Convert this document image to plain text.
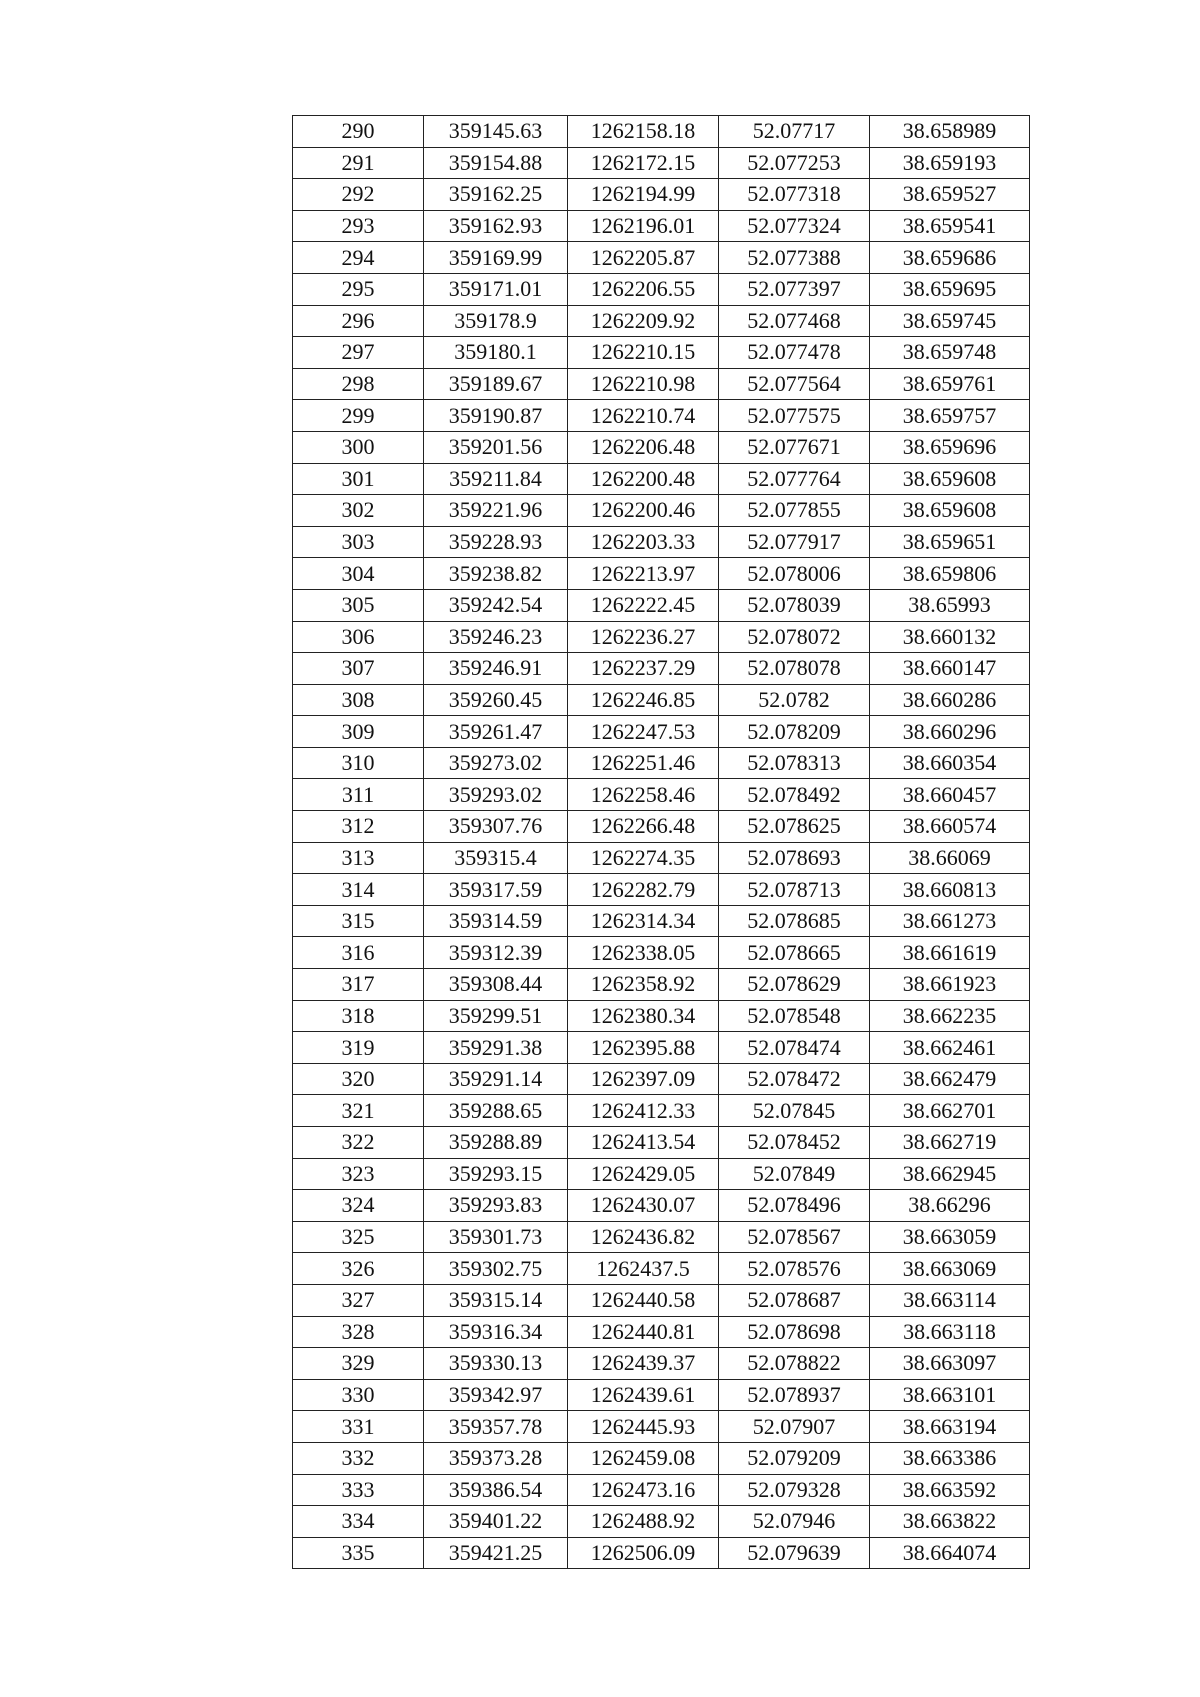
290	359145.63	1262158.18	52.07717	38.658989
291	359154.88	1262172.15	52.077253	38.659193
292	359162.25	1262194.99	52.077318	38.659527
293	359162.93	1262196.01	52.077324	38.659541
294	359169.99	1262205.87	52.077388	38.659686
295	359171.01	1262206.55	52.077397	38.659695
296	359178.9	1262209.92	52.077468	38.659745
297	359180.1	1262210.15	52.077478	38.659748
298	359189.67	1262210.98	52.077564	38.659761
299	359190.87	1262210.74	52.077575	38.659757
300	359201.56	1262206.48	52.077671	38.659696
301	359211.84	1262200.48	52.077764	38.659608
302	359221.96	1262200.46	52.077855	38.659608
303	359228.93	1262203.33	52.077917	38.659651
304	359238.82	1262213.97	52.078006	38.659806
305	359242.54	1262222.45	52.078039	38.65993
306	359246.23	1262236.27	52.078072	38.660132
307	359246.91	1262237.29	52.078078	38.660147
308	359260.45	1262246.85	52.0782	38.660286
309	359261.47	1262247.53	52.078209	38.660296
310	359273.02	1262251.46	52.078313	38.660354
311	359293.02	1262258.46	52.078492	38.660457
312	359307.76	1262266.48	52.078625	38.660574
313	359315.4	1262274.35	52.078693	38.66069
314	359317.59	1262282.79	52.078713	38.660813
315	359314.59	1262314.34	52.078685	38.661273
316	359312.39	1262338.05	52.078665	38.661619
317	359308.44	1262358.92	52.078629	38.661923
318	359299.51	1262380.34	52.078548	38.662235
319	359291.38	1262395.88	52.078474	38.662461
320	359291.14	1262397.09	52.078472	38.662479
321	359288.65	1262412.33	52.07845	38.662701
322	359288.89	1262413.54	52.078452	38.662719
323	359293.15	1262429.05	52.07849	38.662945
324	359293.83	1262430.07	52.078496	38.66296
325	359301.73	1262436.82	52.078567	38.663059
326	359302.75	1262437.5	52.078576	38.663069
327	359315.14	1262440.58	52.078687	38.663114
328	359316.34	1262440.81	52.078698	38.663118
329	359330.13	1262439.37	52.078822	38.663097
330	359342.97	1262439.61	52.078937	38.663101
331	359357.78	1262445.93	52.07907	38.663194
332	359373.28	1262459.08	52.079209	38.663386
333	359386.54	1262473.16	52.079328	38.663592
334	359401.22	1262488.92	52.07946	38.663822
335	359421.25	1262506.09	52.079639	38.664074
